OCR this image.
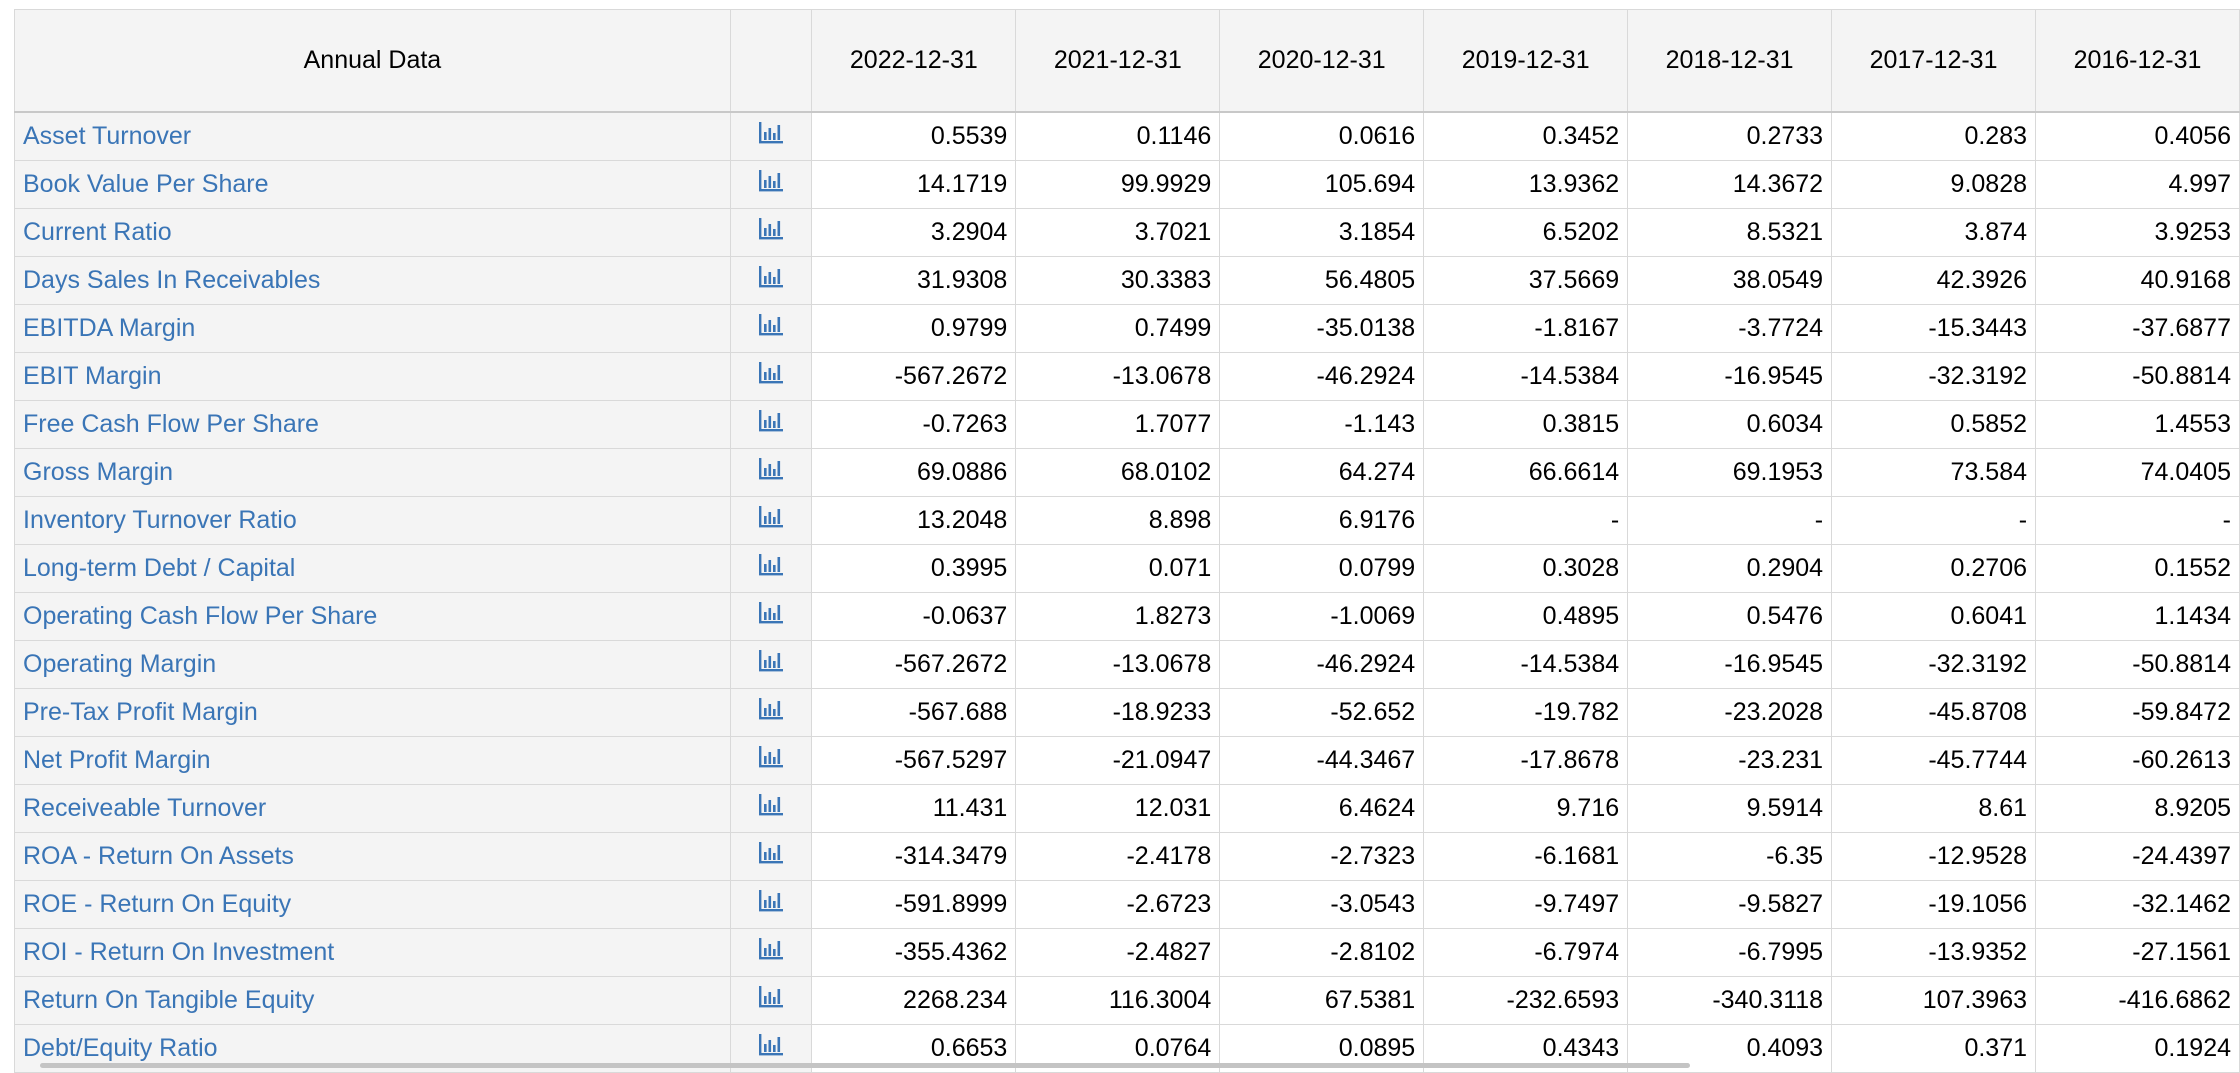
Annual Data		2022-12-31	2021-12-31	2020-12-31	2019-12-31	2018-12-31	2017-12-31	2016-12-31
Asset Turnover		0.5539	0.1146	0.0616	0.3452	0.2733	0.283	0.4056
Book Value Per Share		14.1719	99.9929	105.694	13.9362	14.3672	9.0828	4.997
Current Ratio		3.2904	3.7021	3.1854	6.5202	8.5321	3.874	3.9253
Days Sales In Receivables		31.9308	30.3383	56.4805	37.5669	38.0549	42.3926	40.9168
EBITDA Margin		0.9799	0.7499	-35.0138	-1.8167	-3.7724	-15.3443	-37.6877
EBIT Margin		-567.2672	-13.0678	-46.2924	-14.5384	-16.9545	-32.3192	-50.8814
Free Cash Flow Per Share		-0.7263	1.7077	-1.143	0.3815	0.6034	0.5852	1.4553
Gross Margin		69.0886	68.0102	64.274	66.6614	69.1953	73.584	74.0405
Inventory Turnover Ratio		13.2048	8.898	6.9176	-	-	-	-
Long-term Debt / Capital		0.3995	0.071	0.0799	0.3028	0.2904	0.2706	0.1552
Operating Cash Flow Per Share		-0.0637	1.8273	-1.0069	0.4895	0.5476	0.6041	1.1434
Operating Margin		-567.2672	-13.0678	-46.2924	-14.5384	-16.9545	-32.3192	-50.8814
Pre-Tax Profit Margin		-567.688	-18.9233	-52.652	-19.782	-23.2028	-45.8708	-59.8472
Net Profit Margin		-567.5297	-21.0947	-44.3467	-17.8678	-23.231	-45.7744	-60.2613
Receiveable Turnover		11.431	12.031	6.4624	9.716	9.5914	8.61	8.9205
ROA - Return On Assets		-314.3479	-2.4178	-2.7323	-6.1681	-6.35	-12.9528	-24.4397
ROE - Return On Equity		-591.8999	-2.6723	-3.0543	-9.7497	-9.5827	-19.1056	-32.1462
ROI - Return On Investment		-355.4362	-2.4827	-2.8102	-6.7974	-6.7995	-13.9352	-27.1561
Return On Tangible Equity		2268.234	116.3004	67.5381	-232.6593	-340.3118	107.3963	-416.6862
Debt/Equity Ratio		0.6653	0.0764	0.0895	0.4343	0.4093	0.371	0.1924
